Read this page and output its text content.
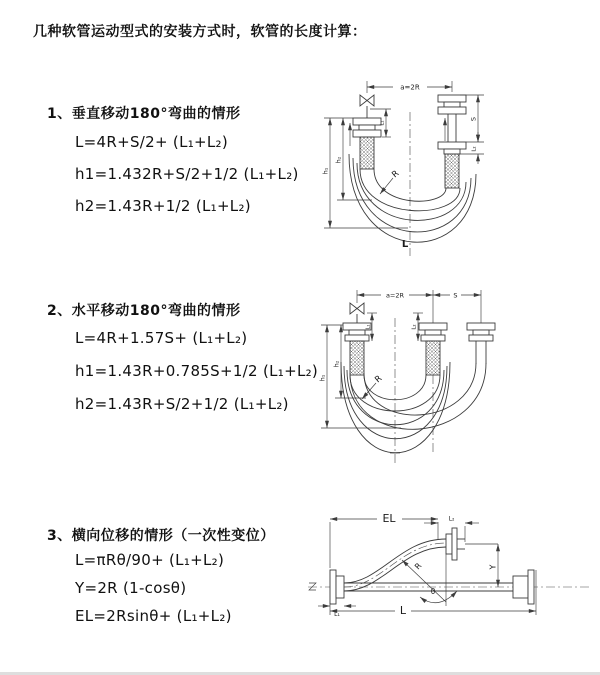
几种软管运动型式的安装方式时，软管的长度计算：
1、垂直移动180°弯曲的情形
L=4R+S/2+ (L₁+L₂)
h1=1.432R+S/2+1/2 (L₁+L₂)
h2=1.43R+1/2 (L₁+L₂)
2、水平移动180°弯曲的情形
L=4R+1.57S+ (L₁+L₂)
h1=1.43R+0.785S+1/2 (L₁+L₂)
h2=1.43R+S/2+1/2 (L₁+L₂)
3、横向位移的情形（一次性变位）
L=πRθ/90+ (L₁+L₂)
Y=2R (1-cosθ)
EL=2Rsinθ+ (L₁+L₂)
a=2R
h₁
h₂
S
L₂
L₁
R
L
a=2R	S
L₁	L₂
h₁
h₂
R
Y
θ
R
EL	L₂
L
L₁
